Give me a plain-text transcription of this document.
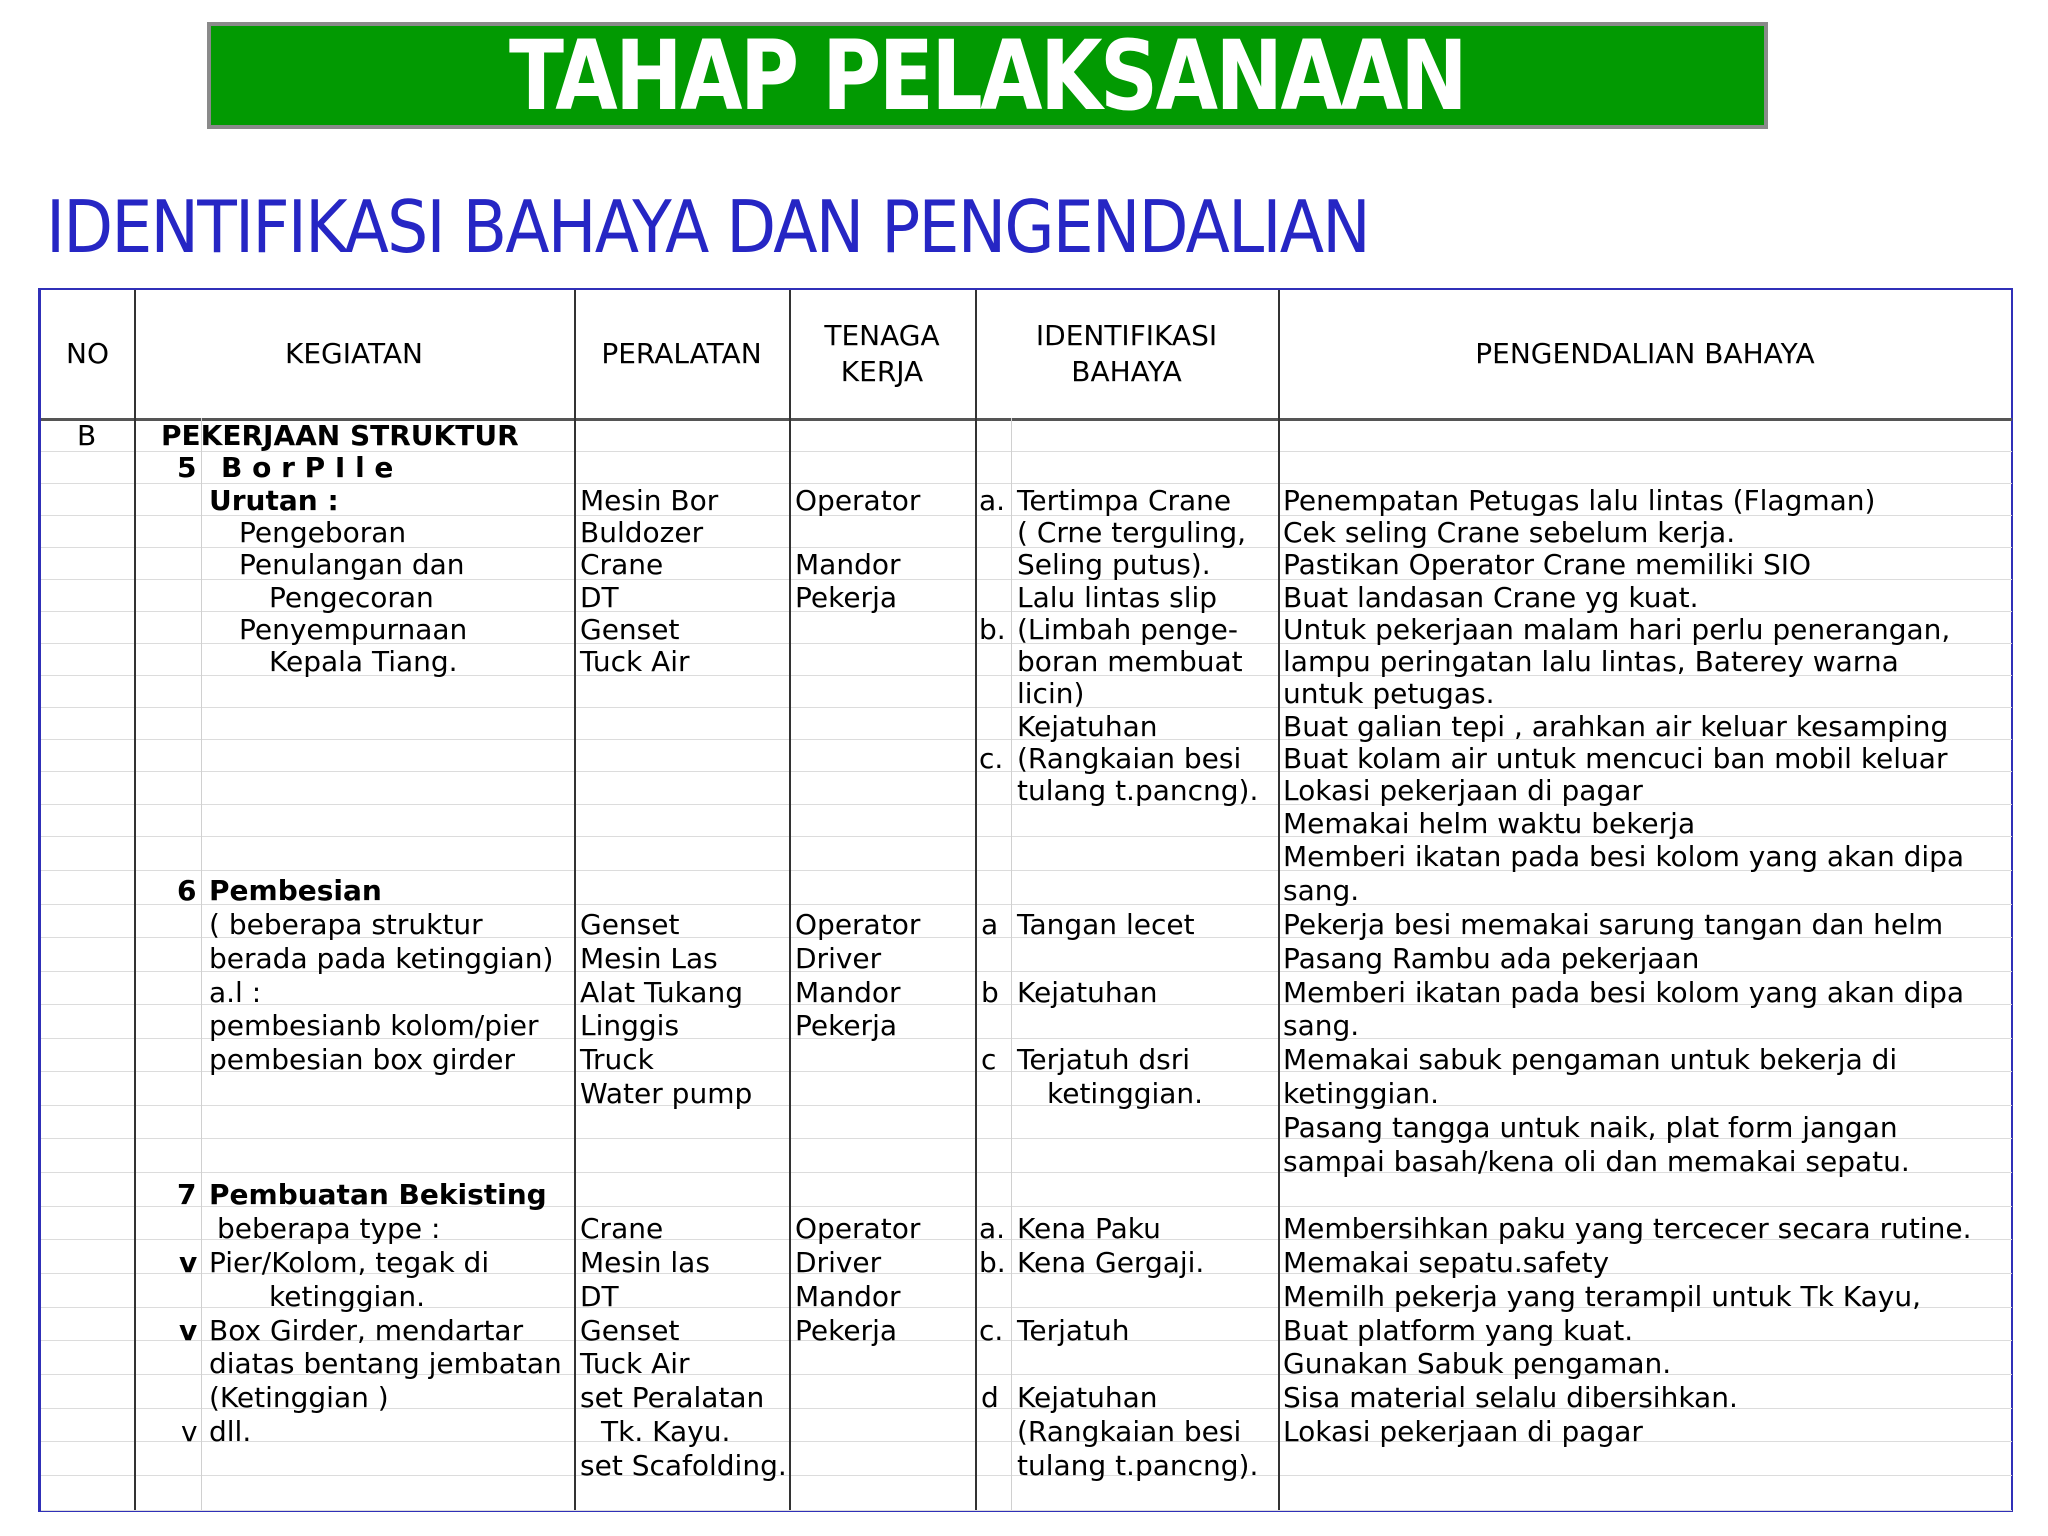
TAHAP PELAKSANAAN
IDENTIFIKASI BAHAYA DAN PENGENDALIAN
NO	KEGIATAN	PERALATAN
TENAGA
KERJA
IDENTIFIKASI
BAHAYA
PENGENDALIAN BAHAYA
B PEKERJAAN STRUKTUR
5 B o r P I l e
Urutan :
Pengeboran
Penulangan dan
Pengecoran
Penyempurnaan
Kepala Tiang.
Mesin Bor
Buldozer
Crane
DT
Genset
Tuck Air
Operator
Mandor
Pekerja
a.
b.
c.
Tertimpa Crane
( Crne terguling,
Seling putus).
Lalu lintas slip
(Limbah penge-
boran membuat
licin)
Kejatuhan
(Rangkaian besi
tulang t.pancng).
Penempatan Petugas lalu lintas (Flagman)
Cek seling Crane sebelum kerja.
Pastikan Operator Crane memiliki SIO
Buat landasan Crane yg kuat.
Untuk pekerjaan malam hari perlu penerangan,
lampu peringatan lalu lintas, Baterey warna
untuk petugas.
Buat galian tepi , arahkan air keluar kesamping
Buat kolam air untuk mencuci ban mobil keluar
Lokasi pekerjaan di pagar
Memakai helm waktu bekerja
Memberi ikatan pada besi kolom yang akan dipa
sang.
6 Pembesian
( beberapa struktur
berada pada ketinggian)
a.l :
pembesianb kolom/pier
pembesian box girder
Genset
Mesin Las
Alat Tukang
Linggis
Truck
Water pump
Operator
Driver
Mandor
Pekerja
a
b
c
Tangan lecet
Kejatuhan
Terjatuh dsri
ketinggian.
Pekerja besi memakai sarung tangan dan helm
Pasang Rambu ada pekerjaan
Memberi ikatan pada besi kolom yang akan dipa
sang.
Memakai sabuk pengaman untuk bekerja di
ketinggian.
Pasang tangga untuk naik, plat form jangan
sampai basah/kena oli dan memakai sepatu.
7 Pembuatan Bekisting
beberapa type :
Pier/Kolom, tegak di
ketinggian.
Box Girder, mendartar
diatas bentang jembatan
(Ketinggian )
dll.
v
v
v
Crane
Mesin las
DT
Genset
Tuck Air
set Peralatan
Tk. Kayu.
set Scafolding.
Operator
Driver
Mandor
Pekerja
a.
b.
c.
d
Kena Paku
Kena Gergaji.
Terjatuh
Kejatuhan
(Rangkaian besi
tulang t.pancng).
Membersihkan paku yang tercecer secara rutine.
Memakai sepatu.safety
Memilh pekerja yang terampil untuk Tk Kayu,
Buat platform yang kuat.
Gunakan Sabuk pengaman.
Sisa material selalu dibersihkan.
Lokasi pekerjaan di pagar
